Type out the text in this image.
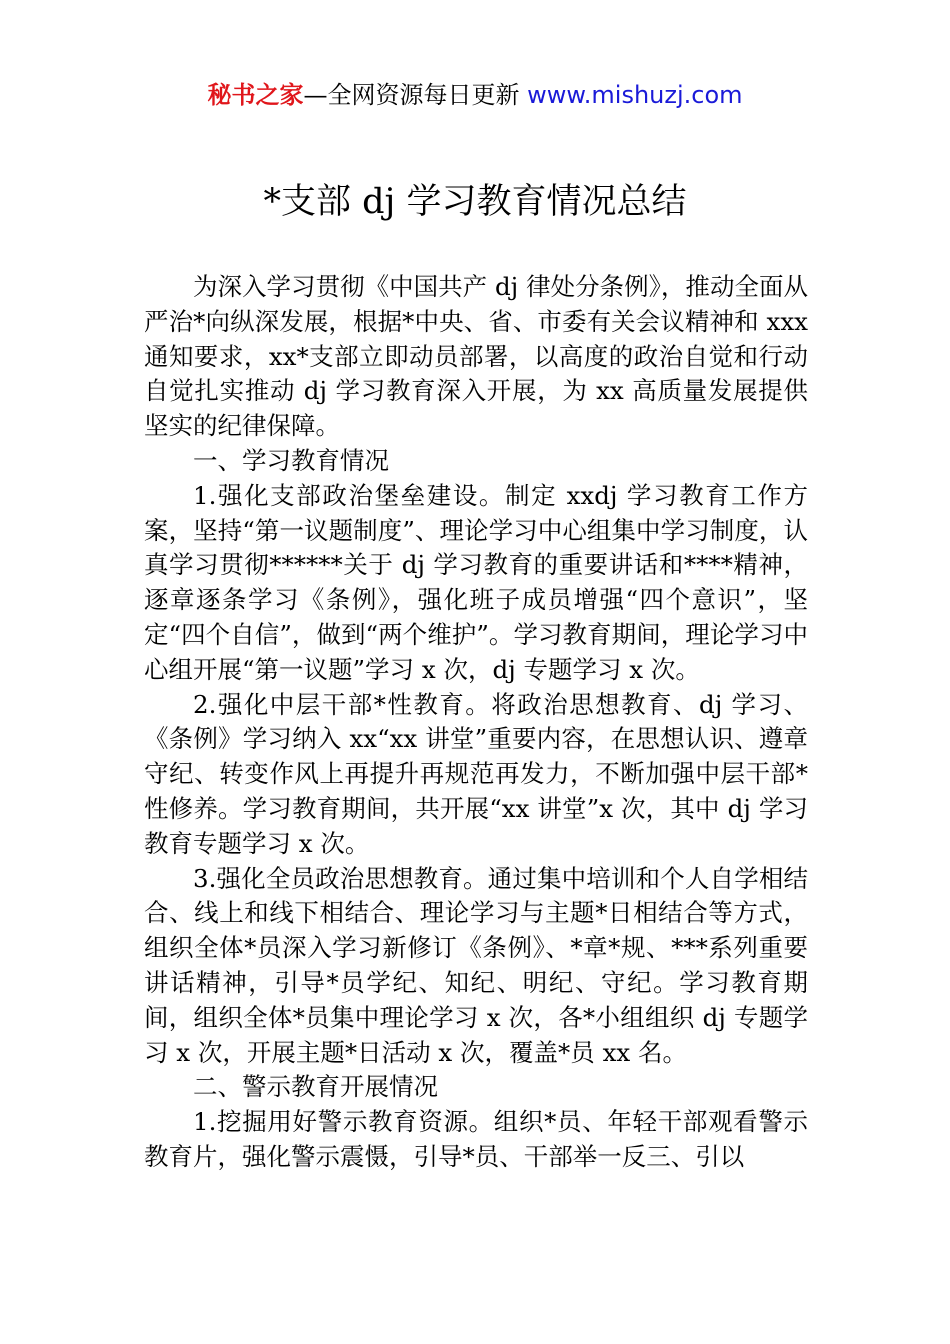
秘书之家—全网资源每日更新 www.mishuzj.com
*支部 dj 学习教育情况总结

为深入学习贯彻《中国共产 dj 律处分条例》，推动全面从严治*向纵深发展，根据*中央、省、市委有关会议精神和 xxx 通知要求，xx*支部立即动员部署，以高度的政治自觉和行动自觉扎实推动 dj 学习教育深入开展，为 xx 高质量发展提供坚实的纪律保障。

一、学习教育情况

1.强化支部政治堡垒建设。制定 xxdj 学习教育工作方案，坚持“第一议题制度”、理论学习中心组集中学习制度，认真学习贯彻******关于 dj 学习教育的重要讲话和****精神，逐章逐条学习《条例》，强化班子成员增强“四个意识”，坚定“四个自信”，做到“两个维护”。学习教育期间，理论学习中心组开展“第一议题”学习 x 次，dj 专题学习 x 次。

2.强化中层干部*性教育。将政治思想教育、dj 学习、《条例》学习纳入 xx“xx 讲堂”重要内容，在思想认识、遵章守纪、转变作风上再提升再规范再发力，不断加强中层干部*性修养。学习教育期间，共开展“xx 讲堂”x 次，其中 dj 学习教育专题学习 x 次。

3.强化全员政治思想教育。通过集中培训和个人自学相结合、线上和线下相结合、理论学习与主题*日相结合等方式，组织全体*员深入学习新修订《条例》、*章*规、***系列重要讲话精神，引导*员学纪、知纪、明纪、守纪。学习教育期间，组织全体*员集中理论学习 x 次，各*小组组织 dj 专题学习 x 次，开展主题*日活动 x 次，覆盖*员 xx 名。

二、警示教育开展情况

1.挖掘用好警示教育资源。组织*员、年轻干部观看警示教育片，强化警示震慑，引导*员、干部举一反三、引以
